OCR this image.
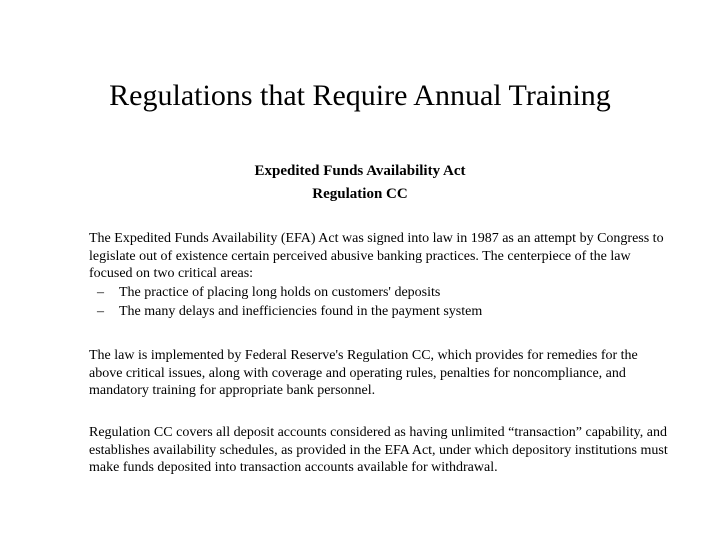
Regulations that Require Annual Training
Expedited Funds Availability Act
Regulation CC

The Expedited Funds Availability (EFA) Act was signed into law in 1987 as an attempt by Congress to legislate out of existence certain perceived abusive banking practices. The centerpiece of the law focused on two critical areas:

– The practice of placing long holds on customers' deposits
– The many delays and inefficiencies found in the payment system

The law is implemented by Federal Reserve's Regulation CC, which provides for remedies for the above critical issues, along with coverage and operating rules, penalties for noncompliance, and mandatory training for appropriate bank personnel.

Regulation CC covers all deposit accounts considered as having unlimited “transaction” capability, and establishes availability schedules, as provided in the EFA Act, under which depository institutions must make funds deposited into transaction accounts available for withdrawal.
